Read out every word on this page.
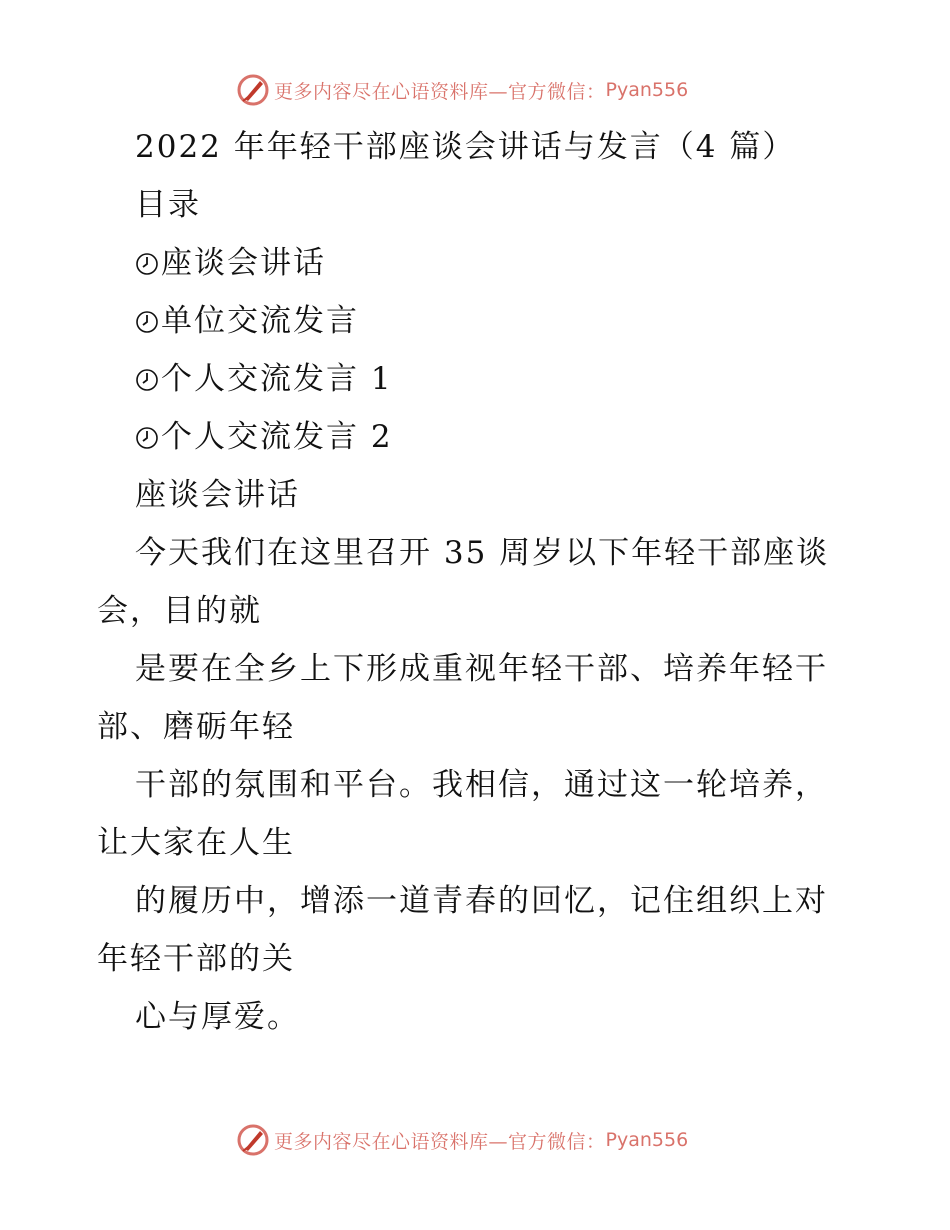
更多内容尽在心语资料库 —官方微信： Pyan556
2022 年年轻干部座谈会讲话与发言（4 篇）
目录
座谈会讲话
单位交流发言
个人交流发言 1
个人交流发言 2
座谈会讲话
今天我们在这里召开 35 周岁以下年轻干部座谈
会，目的就
是要在全乡上下形成重视年轻干部、培养年轻干
部、磨砺年轻
干部的氛围和平台。我相信，通过这一轮培养，
让大家在人生
的履历中，增添一道青春的回忆，记住组织上对
年轻干部的关
心与厚爱。
更多内容尽在心语资料库 —官方微信： Pyan556
